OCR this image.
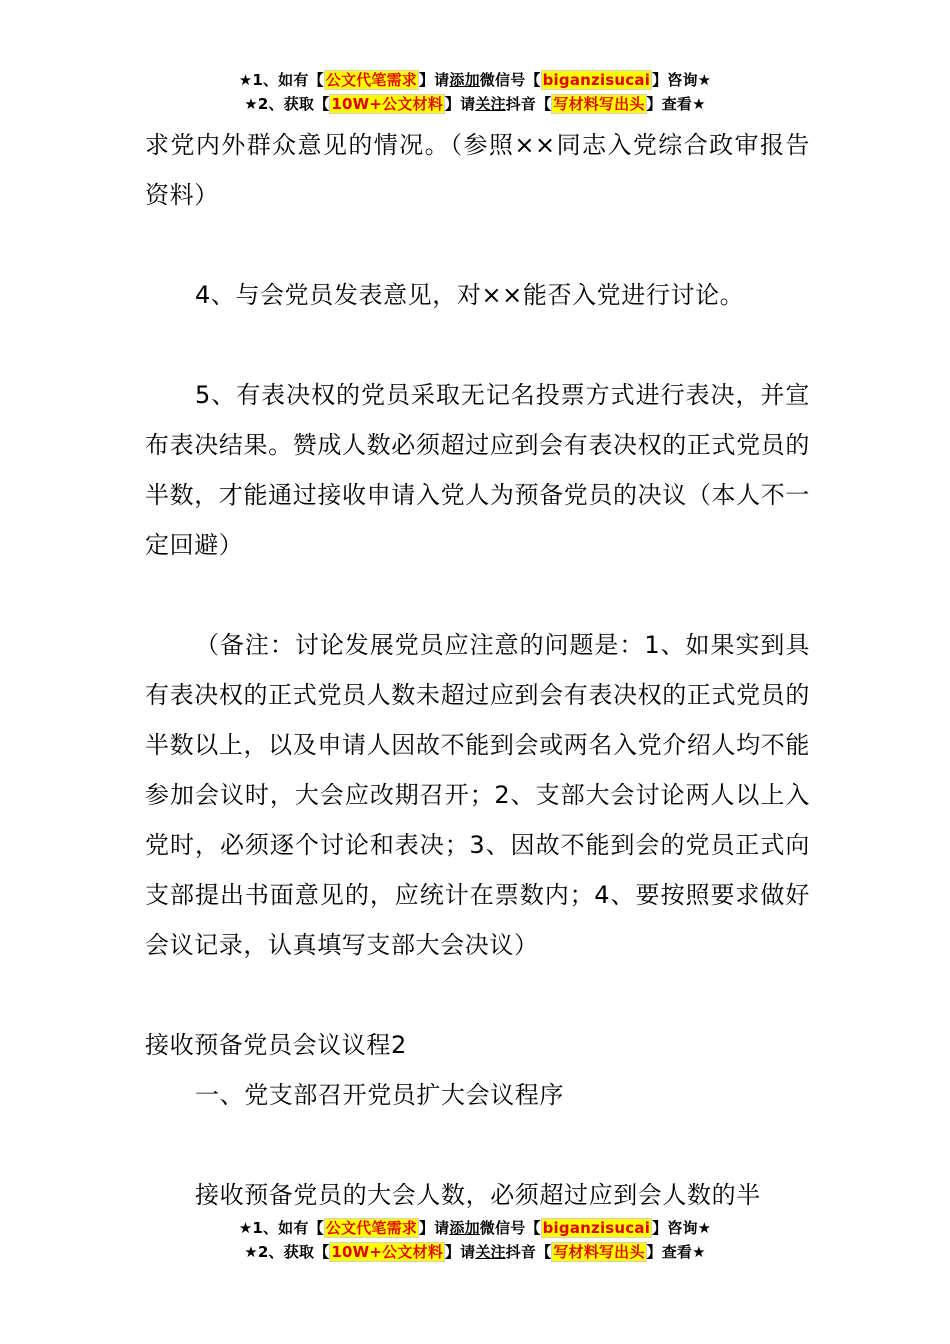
★1、如有【 公文代笔需求 】请添加微信号【 biganzisucai 】咨询★
★2、获取【 10W+公文材料 】请关注抖音【 写材料写出头 】查看★

求党内外群众意见的情况。（参照××同志入党综合政审报告资料）

4、与会党员发表意见，对××能否入党进行讨论。

5、有表决权的党员采取无记名投票方式进行表决，并宣布表决结果。赞成人数必须超过应到会有表决权的正式党员的半数，才能通过接收申请入党人为预备党员的决议（本人不一定回避）

（备注：讨论发展党员应注意的问题是：1、如果实到具有表决权的正式党员人数未超过应到会有表决权的正式党员的半数以上，以及申请人因故不能到会或两名入党介绍人均不能参加会议时，大会应改期召开；2、支部大会讨论两人以上入党时，必须逐个讨论和表决；3、因故不能到会的党员正式向支部提出书面意见的，应统计在票数内；4、要按照要求做好会议记录，认真填写支部大会决议）

接收预备党员会议议程2

一、党支部召开党员扩大会议程序

接收预备党员的大会人数，必须超过应到会人数的半

★1、如有【 公文代笔需求 】请添加微信号【 biganzisucai 】咨询★
★2、获取【 10W+公文材料 】请关注抖音【 写材料写出头 】查看★
